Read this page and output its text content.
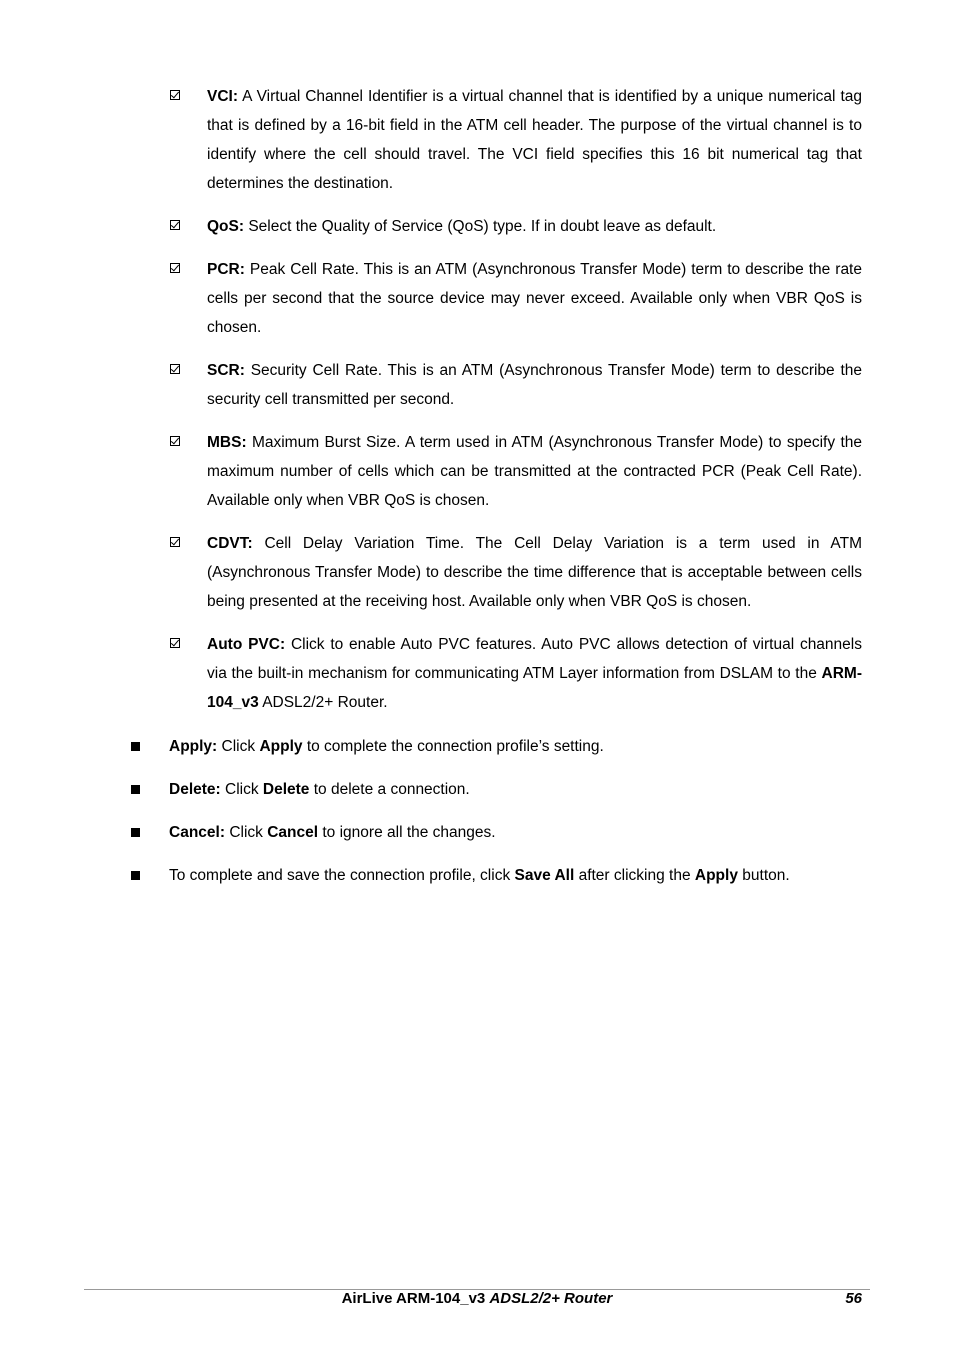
VCI: A Virtual Channel Identifier is a virtual channel that is identified by a unique numerical tag that is defined by a 16-bit field in the ATM cell header. The purpose of the virtual channel is to identify where the cell should travel. The VCI field specifies this 16 bit numerical tag that determines the destination.
QoS: Select the Quality of Service (QoS) type. If in doubt leave as default.
PCR: Peak Cell Rate. This is an ATM (Asynchronous Transfer Mode) term to describe the rate cells per second that the source device may never exceed. Available only when VBR QoS is chosen.
SCR: Security Cell Rate. This is an ATM (Asynchronous Transfer Mode) term to describe the security cell transmitted per second.
MBS: Maximum Burst Size. A term used in ATM (Asynchronous Transfer Mode) to specify the maximum number of cells which can be transmitted at the contracted PCR (Peak Cell Rate). Available only when VBR QoS is chosen.
CDVT: Cell Delay Variation Time. The Cell Delay Variation is a term used in ATM (Asynchronous Transfer Mode) to describe the time difference that is acceptable between cells being presented at the receiving host. Available only when VBR QoS is chosen.
Auto PVC: Click to enable Auto PVC features. Auto PVC allows detection of virtual channels via the built-in mechanism for communicating ATM Layer information from DSLAM to the ARM-104_v3 ADSL2/2+ Router.
Apply: Click Apply to complete the connection profile’s setting.
Delete: Click Delete to delete a connection.
Cancel: Click Cancel to ignore all the changes.
To complete and save the connection profile, click Save All after clicking the Apply button.
AirLive ARM-104_v3 ADSL2/2+ Router	56
